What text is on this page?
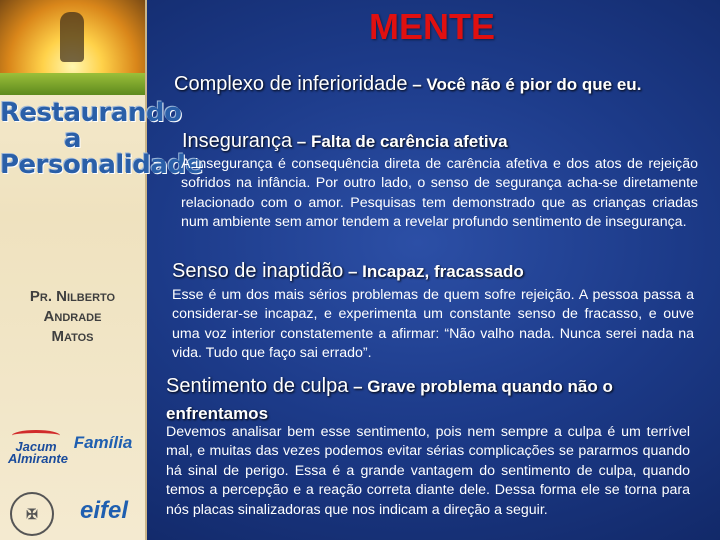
Restaurando
a
Personalidade
Pr. Nilberto
Andrade
Matos
Jacum Almirante
Família
✠	eifel
MENTE
Complexo de inferioridade – Você não é pior do que eu.
Insegurança – Falta de carência afetiva
A insegurança é consequência direta de carência afetiva e dos atos de rejeição sofridos na infância. Por outro lado, o senso de segurança acha-se diretamente relacionado com o amor. Pesquisas tem demonstrado que as crianças criadas num ambiente sem amor tendem a revelar profundo sentimento de insegurança.
Senso de inaptidão – Incapaz, fracassado
Esse é um dos mais sérios problemas de quem sofre rejeição. A pessoa passa a considerar-se incapaz, e experimenta um constante senso de fracasso, e ouve uma voz interior constatemente a afirmar: “Não valho nada. Nunca serei nada na vida. Tudo que faço sai errado”.
Sentimento de culpa – Grave problema quando não o enfrentamos
Devemos analisar bem esse sentimento, pois nem sempre a culpa é um terrível mal, e muitas das vezes podemos evitar sérias complicações se pararmos quando há sinal de perigo. Essa é a grande vantagem do sentimento de culpa, quando temos a percepção e a reação correta diante dele. Dessa forma ele se torna para nós placas sinalizadoras que nos indicam a direção a seguir.
